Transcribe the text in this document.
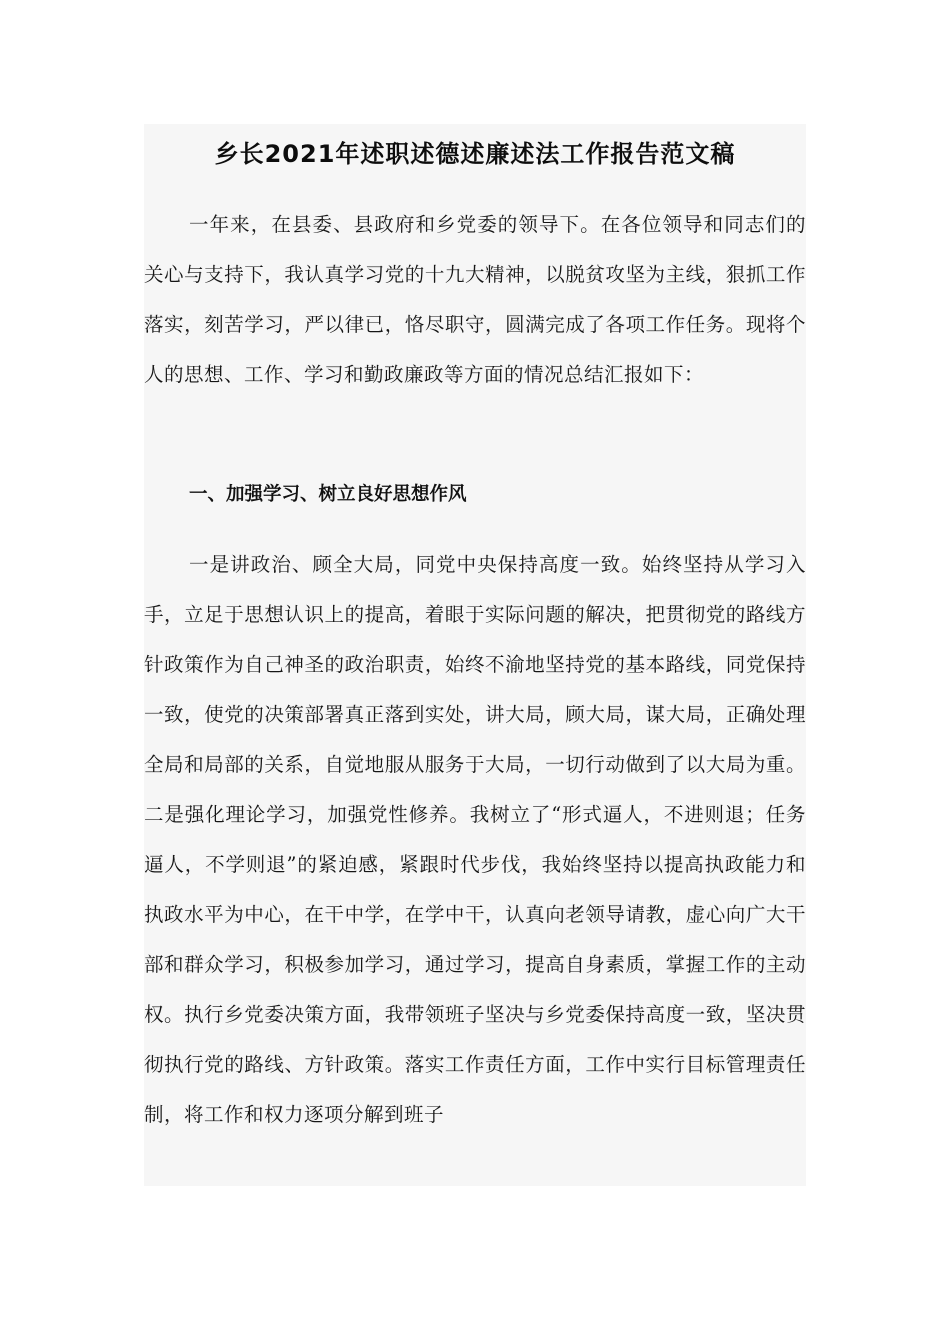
乡长2021年述职述德述廉述法工作报告范文稿

一年来，在县委、县政府和乡党委的领导下。在各位领导和同志们的关心与支持下，我认真学习党的十九大精神，以脱贫攻坚为主线，狠抓工作落实，刻苦学习，严以律已，恪尽职守，圆满完成了各项工作任务。现将个人的思想、工作、学习和勤政廉政等方面的情况总结汇报如下：

一、加强学习、树立良好思想作风

一是讲政治、顾全大局，同党中央保持高度一致。始终坚持从学习入手，立足于思想认识上的提高，着眼于实际问题的解决，把贯彻党的路线方针政策作为自己神圣的政治职责，始终不渝地坚持党的基本路线，同党保持一致，使党的决策部署真正落到实处，讲大局，顾大局，谋大局，正确处理全局和局部的关系，自觉地服从服务于大局，一切行动做到了以大局为重。二是强化理论学习，加强党性修养。我树立了“形式逼人，不进则退；任务逼人，不学则退”的紧迫感，紧跟时代步伐，我始终坚持以提高执政能力和执政水平为中心，在干中学，在学中干，认真向老领导请教，虚心向广大干部和群众学习，积极参加学习，通过学习，提高自身素质，掌握工作的主动权。执行乡党委决策方面，我带领班子坚决与乡党委保持高度一致，坚决贯彻执行党的路线、方针政策。落实工作责任方面，工作中实行目标管理责任制，将工作和权力逐项分解到班子
